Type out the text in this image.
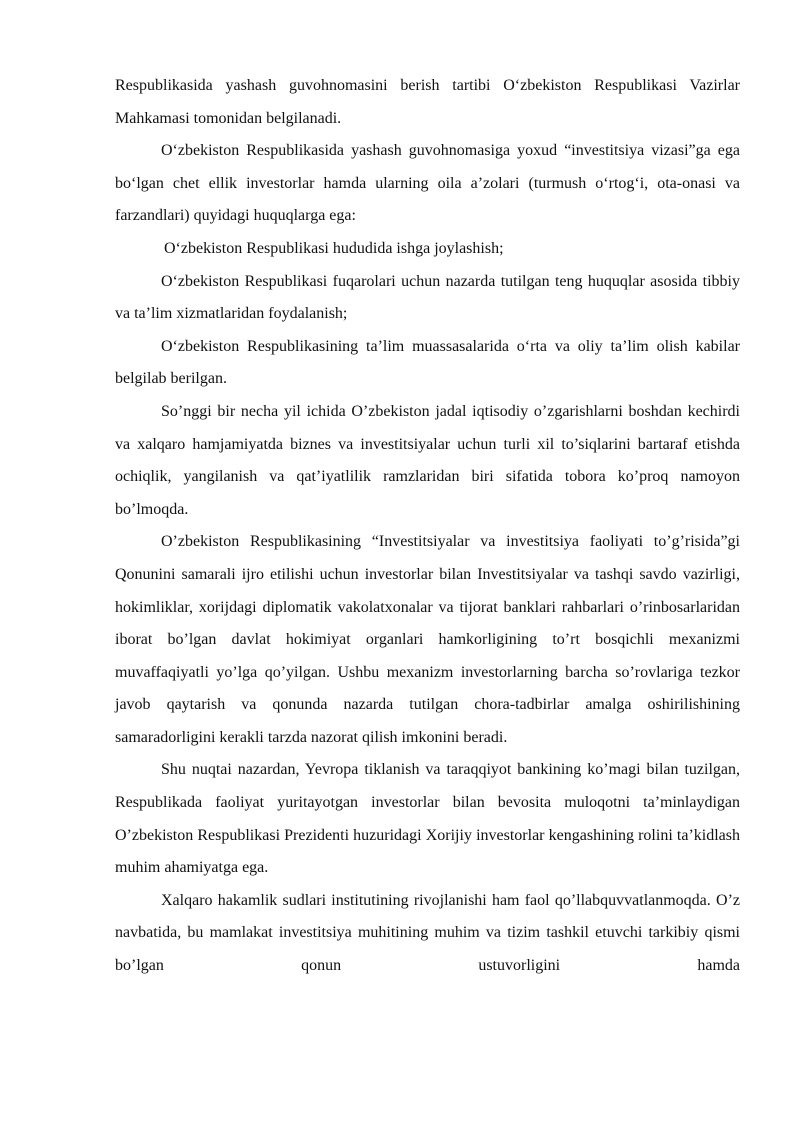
Respublikasida yashash guvohnomasini berish tartibi O‘zbekiston Respublikasi Vazirlar Mahkamasi tomonidan belgilanadi.

O‘zbekiston Respublikasida yashash guvohnomasiga yoxud “investitsiya vizasi”ga ega bo‘lgan chet ellik investorlar hamda ularning oila a’zolari (turmush o‘rtog‘i, ota-onasi va farzandlari) quyidagi huquqlarga ega:

O‘zbekiston Respublikasi hududida ishga joylashish;

O‘zbekiston Respublikasi fuqarolari uchun nazarda tutilgan teng huquqlar asosida tibbiy va ta’lim xizmatlaridan foydalanish;

O‘zbekiston Respublikasining ta’lim muassasalarida o‘rta va oliy ta’lim olish kabilar belgilab berilgan.

So’nggi bir necha yil ichida O’zbekiston jadal iqtisodiy o’zgarishlarni boshdan kechirdi va xalqaro hamjamiyatda biznes va investitsiyalar uchun turli xil to’siqlarini bartaraf etishda ochiqlik, yangilanish va qat’iyatlilik ramzlaridan biri sifatida tobora ko’proq namoyon bo’lmoqda.

O’zbekiston Respublikasining “Investitsiyalar va investitsiya faoliyati to’g’risida”gi Qonunini samarali ijro etilishi uchun investorlar bilan Investitsiyalar va tashqi savdo vazirligi, hokimliklar, xorijdagi diplomatik vakolatxonalar va tijorat banklari rahbarlari o’rinbosarlaridan iborat bo’lgan davlat hokimiyat organlari hamkorligining to’rt bosqichli mexanizmi muvaffaqiyatli yo’lga qo’yilgan. Ushbu mexanizm investorlarning barcha so’rovlariga tezkor javob qaytarish va qonunda nazarda tutilgan chora-tadbirlar amalga oshirilishining samaradorligini kerakli tarzda nazorat qilish imkonini beradi.

Shu nuqtai nazardan, Yevropa tiklanish va taraqqiyot bankining ko’magi bilan tuzilgan, Respublikada faoliyat yuritayotgan investorlar bilan bevosita muloqotni ta’minlaydigan O’zbekiston Respublikasi Prezidenti huzuridagi Xorijiy investorlar kengashining rolini ta’kidlash muhim ahamiyatga ega.

Xalqaro hakamlik sudlari institutining rivojlanishi ham faol qo’llabquvvatlanmoqda. O’z navbatida, bu mamlakat investitsiya muhitining muhim va tizim tashkil etuvchi tarkibiy qismi bo’lgan qonun ustuvorligini hamda
